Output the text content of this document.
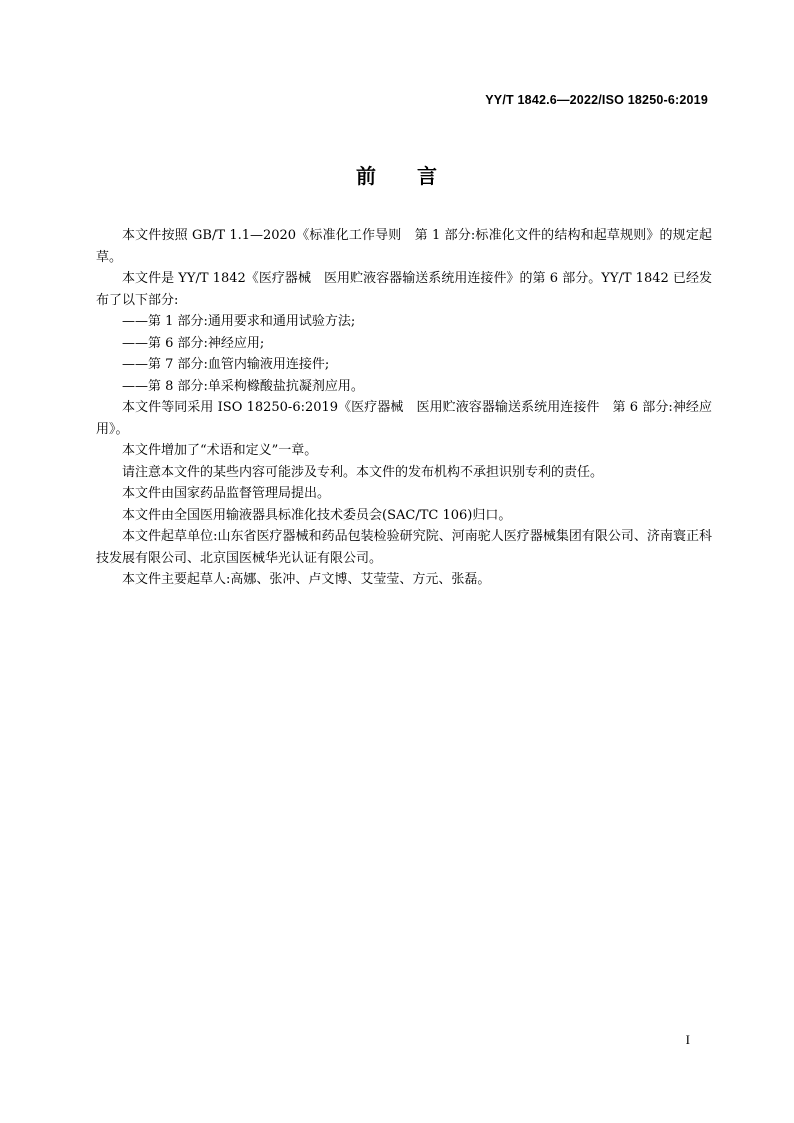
YY/T 1842.6—2022/ISO 18250-6:2019
前 言

本文件按照 GB/T 1.1—2020《标准化工作导则　第 1 部分:标准化文件的结构和起草规则》的规定起草。

本文件是 YY/T 1842《医疗器械　医用贮液容器输送系统用连接件》的第 6 部分。YY/T 1842 已经发布了以下部分:

——第 1 部分:通用要求和通用试验方法;

——第 6 部分:神经应用;

——第 7 部分:血管内输液用连接件;

——第 8 部分:单采枸橼酸盐抗凝剂应用。

本文件等同采用 ISO 18250-6:2019《医疗器械　医用贮液容器输送系统用连接件　第 6 部分:神经应用》。

本文件增加了“术语和定义”一章。

请注意本文件的某些内容可能涉及专利。本文件的发布机构不承担识别专利的责任。

本文件由国家药品监督管理局提出。

本文件由全国医用输液器具标准化技术委员会(SAC/TC 106)归口。

本文件起草单位:山东省医疗器械和药品包装检验研究院、河南驼人医疗器械集团有限公司、济南寰正科技发展有限公司、北京国医械华光认证有限公司。

本文件主要起草人:高娜、张冲、卢文博、艾莹莹、方元、张磊。

I
